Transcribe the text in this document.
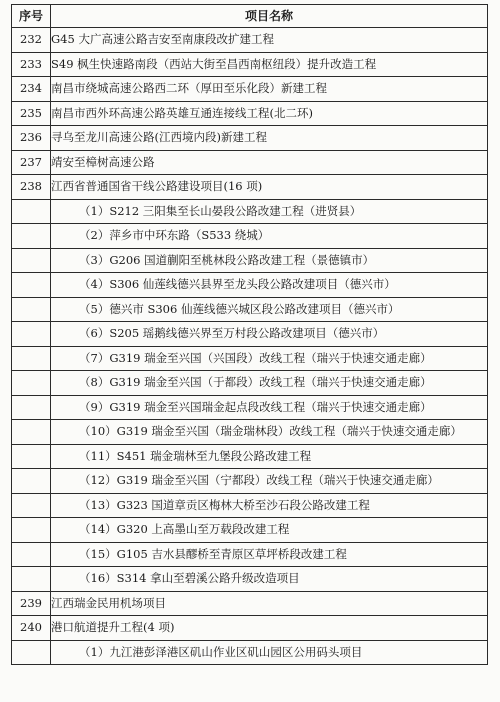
序号	项目名称
232	G45 大广高速公路吉安至南康段改扩建工程
233	S49 枫生快速路南段（西站大街至昌西南枢纽段）提升改造工程
234	南昌市绕城高速公路西二环（厚田至乐化段）新建工程
235	南昌市西外环高速公路英雄互通连接线工程(北二环)
236	寻乌至龙川高速公路(江西境内段)新建工程
237	靖安至樟树高速公路
238	江西省普通国省干线公路建设项目(16 项)
	（1）S212 三阳集至长山晏段公路改建工程（进贤县）
	（2）萍乡市中环东路（S533 绕城）
	（3）G206 国道蒯阳至桃林段公路改建工程（景德镇市）
	（4）S306 仙莲线德兴县界至龙头段公路改建项目（德兴市）
	（5）德兴市 S306 仙莲线德兴城区段公路改建项目（德兴市）
	（6）S205 瑶鹅线德兴界至万村段公路改建项目（德兴市）
	（7）G319 瑞金至兴国（兴国段）改线工程（瑞兴于快速交通走廊）
	（8）G319 瑞金至兴国（于都段）改线工程（瑞兴于快速交通走廊）
	（9）G319 瑞金至兴国瑞金起点段改线工程（瑞兴于快速交通走廊）
	（10）G319 瑞金至兴国（瑞金瑞林段）改线工程（瑞兴于快速交通走廊）
	（11）S451 瑞金瑞林至九堡段公路改建工程
	（12）G319 瑞金至兴国（宁都段）改线工程（瑞兴于快速交通走廊）
	（13）G323 国道章贡区梅林大桥至沙石段公路改建工程
	（14）G320 上高墨山至万载段改建工程
	（15）G105 吉水县醪桥至青原区草坪桥段改建工程
	（16）S314 拿山至碧溪公路升级改造项目
239	江西瑞金民用机场项目
240	港口航道提升工程(4 项)
	（1）九江港彭泽港区矶山作业区矶山园区公用码头项目
